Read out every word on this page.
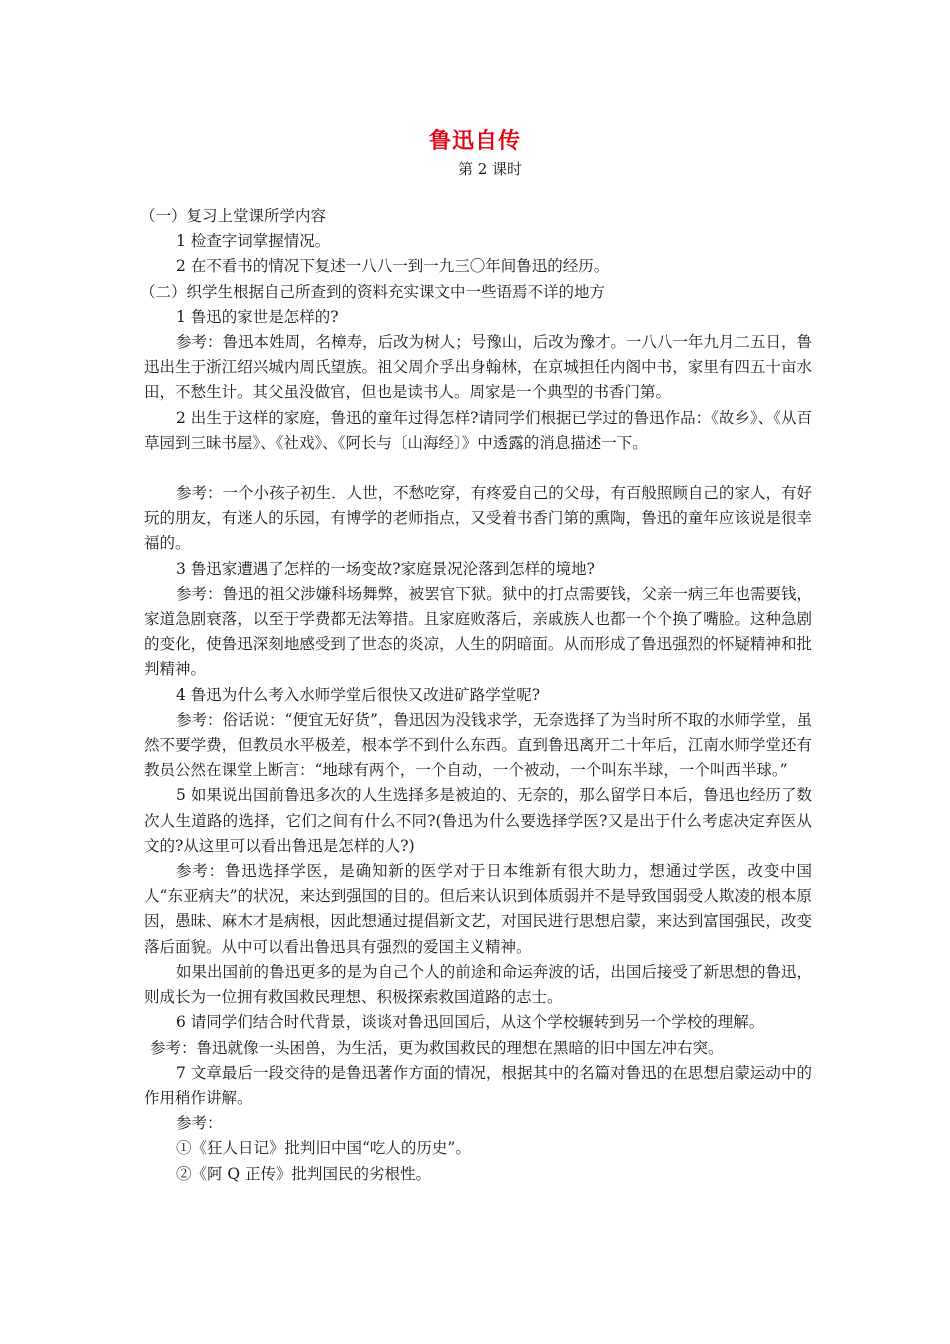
鲁迅自传
第 2 课时

（一）复习上堂课所学内容

1 检查字词掌握情况。

2 在不看书的情况下复述一八八一到一九三〇年间鲁迅的经历。

（二）织学生根据自己所查到的资料充实课文中一些语焉不详的地方

1 鲁迅的家世是怎样的?

参考：鲁迅本姓周，名樟寿，后改为树人；号豫山，后改为豫才。一八八一年九月二五日，鲁迅出生于浙江绍兴城内周氏望族。祖父周介孚出身翰林，在京城担任内阁中书，家里有四五十亩水田，不愁生计。其父虽没做官，但也是读书人。周家是一个典型的书香门第。

2 出生于这样的家庭，鲁迅的童年过得怎样?请同学们根据已学过的鲁迅作品：《故乡》、《从百草园到三昧书屋》、《社戏》、《阿长与〔山海经〕》中透露的消息描述一下。

参考：一个小孩子初生．人世，不愁吃穿，有疼爱自己的父母，有百般照顾自己的家人，有好玩的朋友，有迷人的乐园，有博学的老师指点，又受着书香门第的熏陶，鲁迅的童年应该说是很幸福的。

3 鲁迅家遭遇了怎样的一场变故?家庭景况沦落到怎样的境地?

参考：鲁迅的祖父涉嫌科场舞弊，被罢官下狱。狱中的打点需要钱，父亲一病三年也需要钱，家道急剧衰落，以至于学费都无法筹措。且家庭败落后，亲戚族人也都一个个换了嘴脸。这种急剧的变化，使鲁迅深刻地感受到了世态的炎凉，人生的阴暗面。从而形成了鲁迅强烈的怀疑精神和批判精神。

4 鲁迅为什么考入水师学堂后很快又改进矿路学堂呢?

参考：俗话说：“便宜无好货”，鲁迅因为没钱求学，无奈选择了为当时所不取的水师学堂，虽然不要学费，但教员水平极差，根本学不到什么东西。直到鲁迅离开二十年后，江南水师学堂还有教员公然在课堂上断言：“地球有两个，一个自动，一个被动，一个叫东半球，一个叫西半球。”

5 如果说出国前鲁迅多次的人生选择多是被迫的、无奈的，那么留学日本后，鲁迅也经历了数次人生道路的选择，它们之间有什么不同?(鲁迅为什么要选择学医?又是出于什么考虑决定弃医从文的?从这里可以看出鲁迅是怎样的人?)

参考：鲁迅选择学医，是确知新的医学对于日本维新有很大助力，想通过学医，改变中国人“东亚病夫”的状况，来达到强国的目的。但后来认识到体质弱并不是导致国弱受人欺凌的根本原因，愚昧、麻木才是病根，因此想通过提倡新文艺，对国民进行思想启蒙，来达到富国强民，改变落后面貌。从中可以看出鲁迅具有强烈的爱国主义精神。

如果出国前的鲁迅更多的是为自己个人的前途和命运奔波的话，出国后接受了新思想的鲁迅，则成长为一位拥有救国救民理想、积极探索救国道路的志士。

6 请同学们结合时代背景，谈谈对鲁迅回国后，从这个学校辗转到另一个学校的理解。

参考：鲁迅就像一头困兽，为生活，更为救国救民的理想在黑暗的旧中国左冲右突。

7 文章最后一段交待的是鲁迅著作方面的情况，根据其中的名篇对鲁迅的在思想启蒙运动中的作用稍作讲解。

参考：

①《狂人日记》批判旧中国“吃人的历史”。

②《阿 Q 正传》批判国民的劣根性。
